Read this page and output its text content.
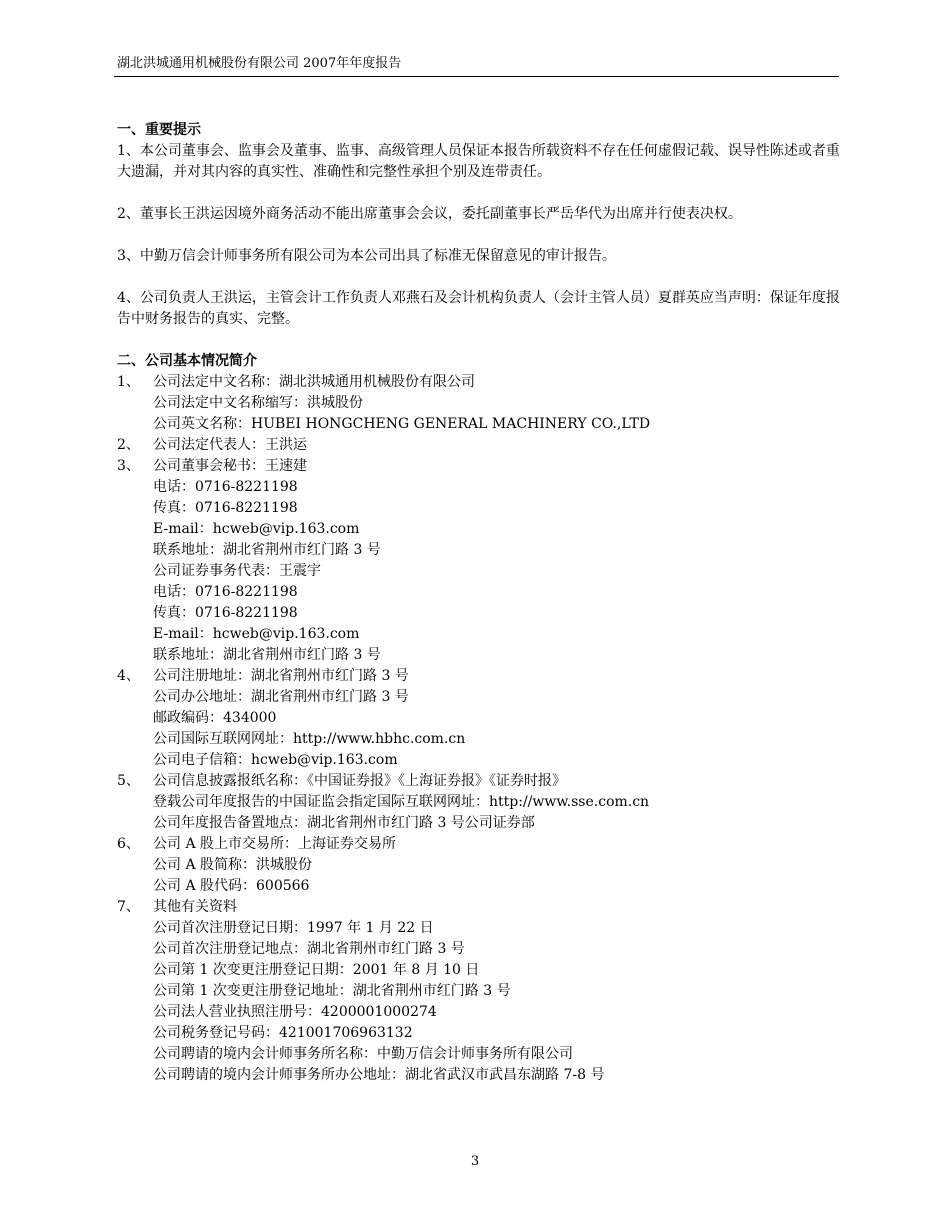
湖北洪城通用机械股份有限公司 2007年年度报告

一、重要提示

1、本公司董事会、监事会及董事、监事、高级管理人员保证本报告所载资料不存在任何虚假记载、误导性陈述或者重大遗漏，并对其内容的真实性、准确性和完整性承担个别及连带责任。

2、董事长王洪运因境外商务活动不能出席董事会会议，委托副董事长严岳华代为出席并行使表决权。

3、中勤万信会计师事务所有限公司为本公司出具了标准无保留意见的审计报告。

4、公司负责人王洪运，主管会计工作负责人邓燕石及会计机构负责人（会计主管人员）夏群英应当声明：保证年度报告中财务报告的真实、完整。

二、公司基本情况简介

1、 公司法定中文名称：湖北洪城通用机械股份有限公司
公司法定中文名称缩写：洪城股份
公司英文名称：HUBEI HONGCHENG GENERAL MACHINERY CO.,LTD
2、 公司法定代表人：王洪运
3、 公司董事会秘书：王速建
电话：0716-8221198
传真：0716-8221198
E-mail：hcweb@vip.163.com
联系地址：湖北省荆州市红门路 3 号
公司证券事务代表：王震宇
电话：0716-8221198
传真：0716-8221198
E-mail：hcweb@vip.163.com
联系地址：湖北省荆州市红门路 3 号
4、 公司注册地址：湖北省荆州市红门路 3 号
公司办公地址：湖北省荆州市红门路 3 号
邮政编码：434000
公司国际互联网网址：http://www.hbhc.com.cn
公司电子信箱：hcweb@vip.163.com
5、 公司信息披露报纸名称：《中国证券报》《上海证券报》《证券时报》
登载公司年度报告的中国证监会指定国际互联网网址：http://www.sse.com.cn
公司年度报告备置地点：湖北省荆州市红门路 3 号公司证券部
6、 公司 A 股上市交易所：上海证券交易所
公司 A 股简称：洪城股份
公司 A 股代码：600566
7、 其他有关资料
公司首次注册登记日期：1997 年 1 月 22 日
公司首次注册登记地点：湖北省荆州市红门路 3 号
公司第 1 次变更注册登记日期：2001 年 8 月 10 日
公司第 1 次变更注册登记地址：湖北省荆州市红门路 3 号
公司法人营业执照注册号：4200001000274
公司税务登记号码：421001706963132
公司聘请的境内会计师事务所名称：中勤万信会计师事务所有限公司
公司聘请的境内会计师事务所办公地址：湖北省武汉市武昌东湖路 7-8 号
3
